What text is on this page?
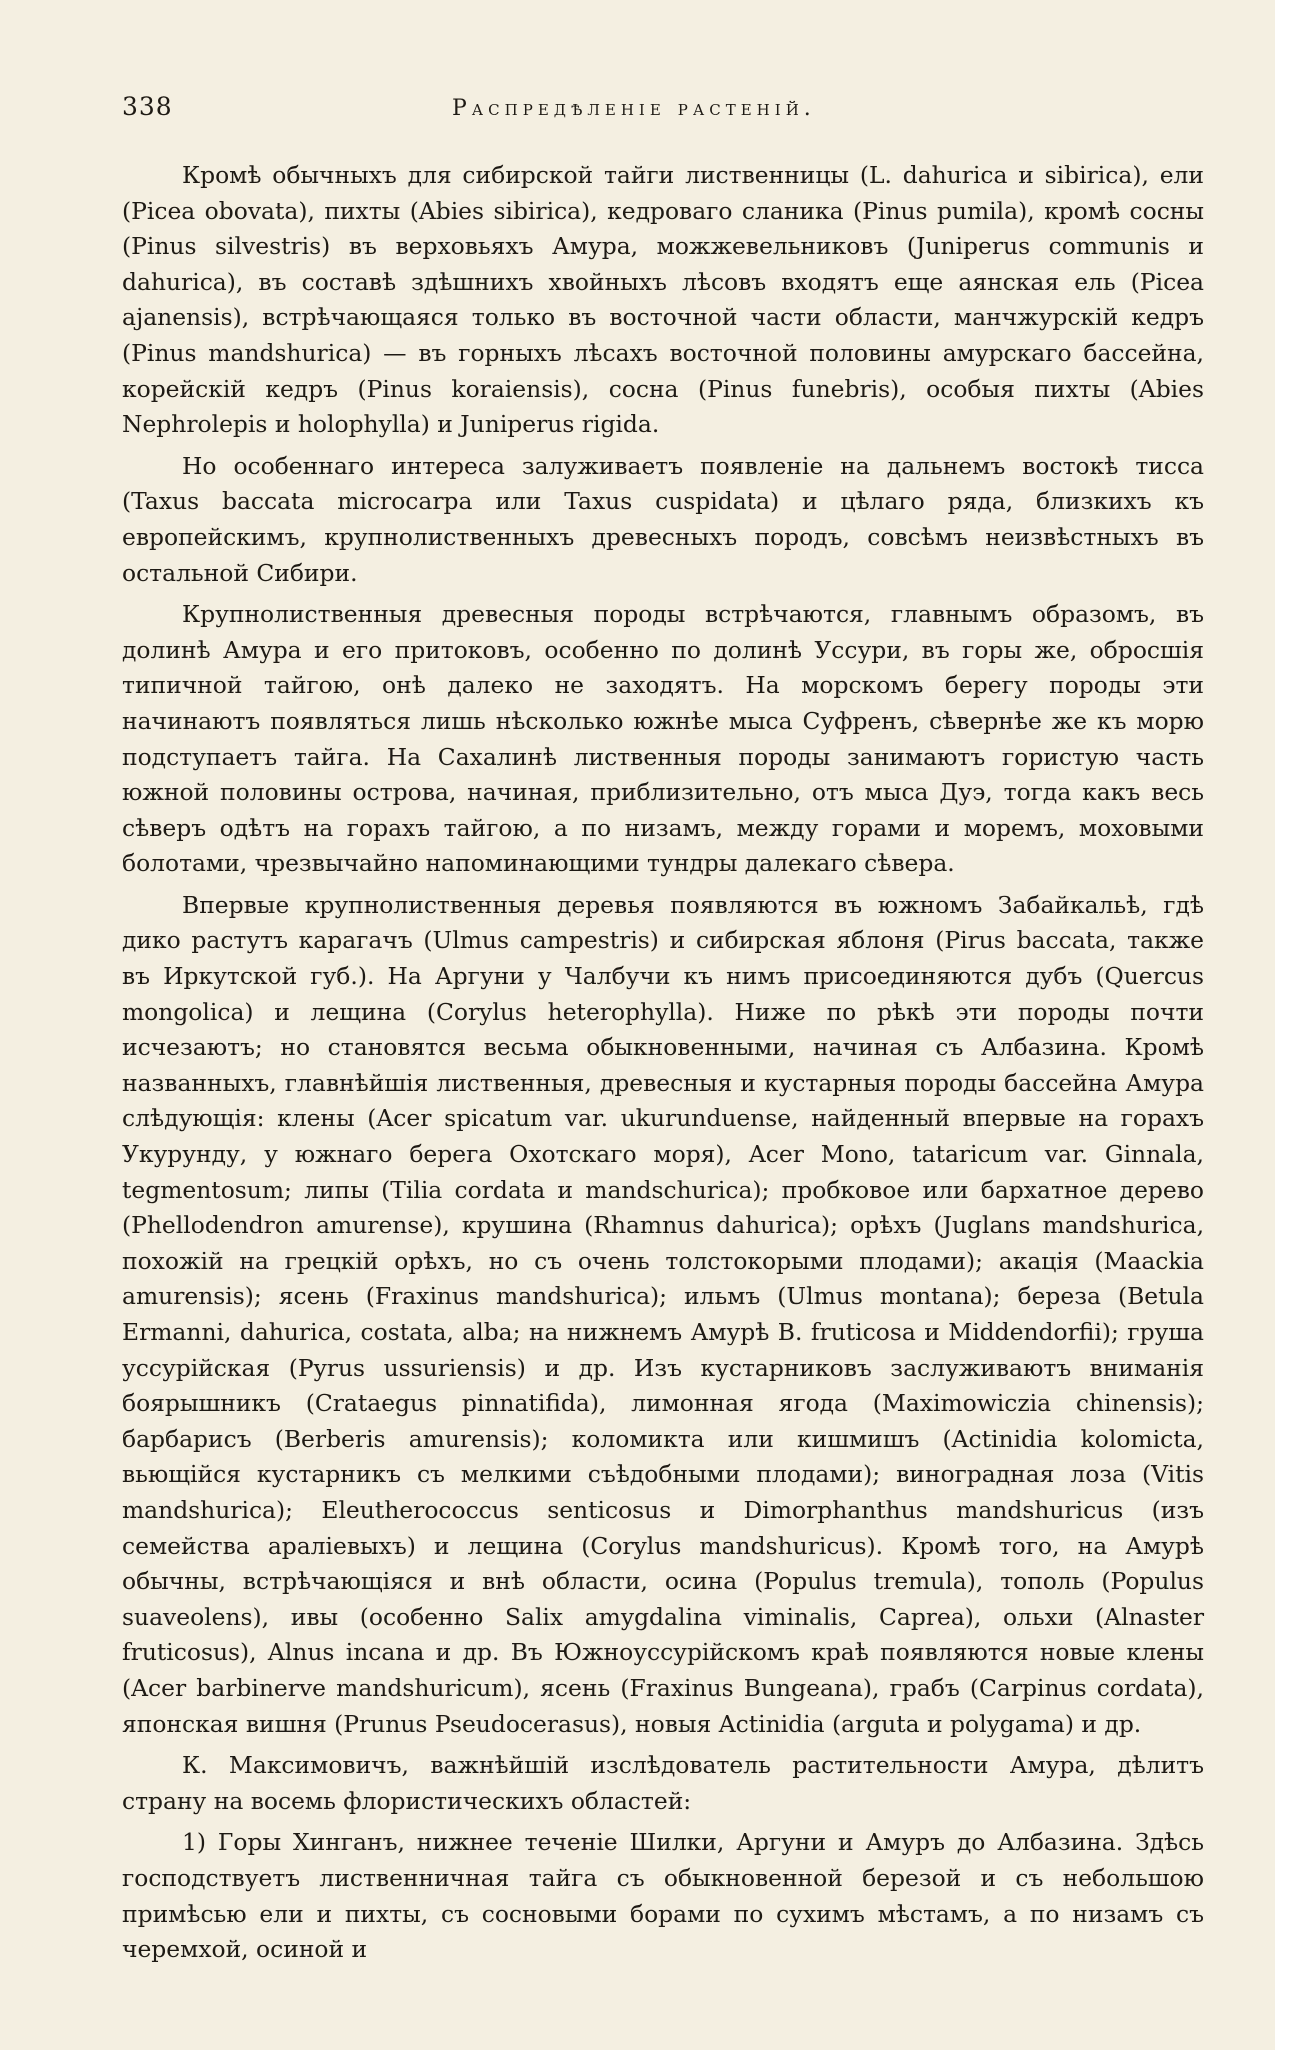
338	Распредѣленіе растеній.

Кромѣ обычныхъ для сибирской тайги лиственницы (L. dahurica и sibirica), ели (Picea obovata), пихты (Abies sibirica), кедроваго сланика (Pinus pumila), кромѣ сосны (Pinus silvestris) въ верховьяхъ Амура, можжевельниковъ (Juniperus communis и dahurica), въ составѣ здѣшнихъ хвойныхъ лѣсовъ входятъ еще аянская ель (Picea ajanensis), встрѣчающаяся только въ восточной части области, манчжурскій кедръ (Pinus mandshurica) — въ горныхъ лѣсахъ восточной половины амурскаго бассейна, корейскій кедръ (Pinus koraiensis), сосна (Pinus funebris), особыя пихты (Abies Nephrolepis и holophylla) и Juniperus rigida.

Но особеннаго интереса залуживаетъ появленіе на дальнемъ востокѣ тисса (Taxus baccata microcarpa или Taxus cuspidata) и цѣлаго ряда, близкихъ къ европейскимъ, крупнолиственныхъ древесныхъ породъ, совсѣмъ неизвѣстныхъ въ остальной Сибири.

Крупнолиственныя древесныя породы встрѣчаются, главнымъ образомъ, въ долинѣ Амура и его притоковъ, особенно по долинѣ Уссури, въ горы же, обросшія типичной тайгою, онѣ далеко не заходятъ. На морскомъ берегу породы эти начинаютъ появляться лишь нѣсколько южнѣе мыса Суфренъ, сѣвернѣе же къ морю подступаетъ тайга. На Сахалинѣ лиственныя породы занимаютъ гористую часть южной половины острова, начиная, приблизительно, отъ мыса Дуэ, тогда какъ весь сѣверъ одѣтъ на горахъ тайгою, а по низамъ, между горами и моремъ, моховыми болотами, чрезвычайно напоминающими тундры далекаго сѣвера.

Впервые крупнолиственныя деревья появляются въ южномъ Забайкальѣ, гдѣ дико растутъ карагачъ (Ulmus campestris) и сибирская яблоня (Pirus baccata, также въ Иркутской губ.). На Аргуни у Чалбучи къ нимъ присоединяются дубъ (Quercus mongolica) и лещина (Corylus heterophylla). Ниже по рѣкѣ эти породы почти исчезаютъ; но становятся весьма обыкновенными, начиная съ Албазина. Кромѣ названныхъ, главнѣйшія лиственныя, древесныя и кустарныя породы бассейна Амура слѣдующія: клены (Acer spicatum var. ukurunduense, найденный впервые на горахъ Укурунду, у южнаго берега Охотскаго моря), Acer Mono, tataricum var. Ginnala, tegmentosum; липы (Tilia cordata и mandschurica); пробковое или бархатное дерево (Phellodendron amurense), крушина (Rhamnus dahurica); орѣхъ (Juglans mandshurica, похожій на грецкій орѣхъ, но съ очень толстокорыми плодами); акація (Maackia amurensis); ясень (Fraxinus mandshurica); ильмъ (Ulmus montana); береза (Betula Ermanni, dahurica, costata, alba; на нижнемъ Амурѣ B. fruticosa и Middendorfii); груша уссурійская (Pyrus ussuriensis) и др. Изъ кустарниковъ заслуживаютъ вниманія боярышникъ (Crataegus pinnatifida), лимонная ягода (Maximowiczia chinensis); барбарисъ (Berberis amurensis); коломикта или кишмишъ (Actinidia kolomicta, вьющійся кустарникъ съ мелкими съѣдобными плодами); виноградная лоза (Vitis mandshurica); Eleutherococcus senticosus и Dimorphanthus mandshuricus (изъ семейства араліевыхъ) и лещина (Corylus mandshuricus). Кромѣ того, на Амурѣ обычны, встрѣчающіяся и внѣ области, осина (Populus tremula), тополь (Populus suaveolens), ивы (особенно Salix amygdalina viminalis, Caprea), ольхи (Alnaster fruticosus), Alnus incana и др. Въ Южноуссурійскомъ краѣ появляются новые клены (Acer barbinerve mandshuricum), ясень (Fraxinus Bungeana), грабъ (Carpinus cordata), японская вишня (Prunus Pseudocerasus), новыя Actinidia (arguta и polygama) и др.

К. Максимовичъ, важнѣйшій изслѣдователь растительности Амура, дѣлитъ страну на восемь флористическихъ областей:

1) Горы Хинганъ, нижнее теченіе Шилки, Аргуни и Амуръ до Албазина. Здѣсь господствуетъ лиственничная тайга съ обыкновенной березой и съ небольшою примѣсью ели и пихты, съ сосновыми борами по сухимъ мѣстамъ, а по низамъ съ черемхой, осиной и
